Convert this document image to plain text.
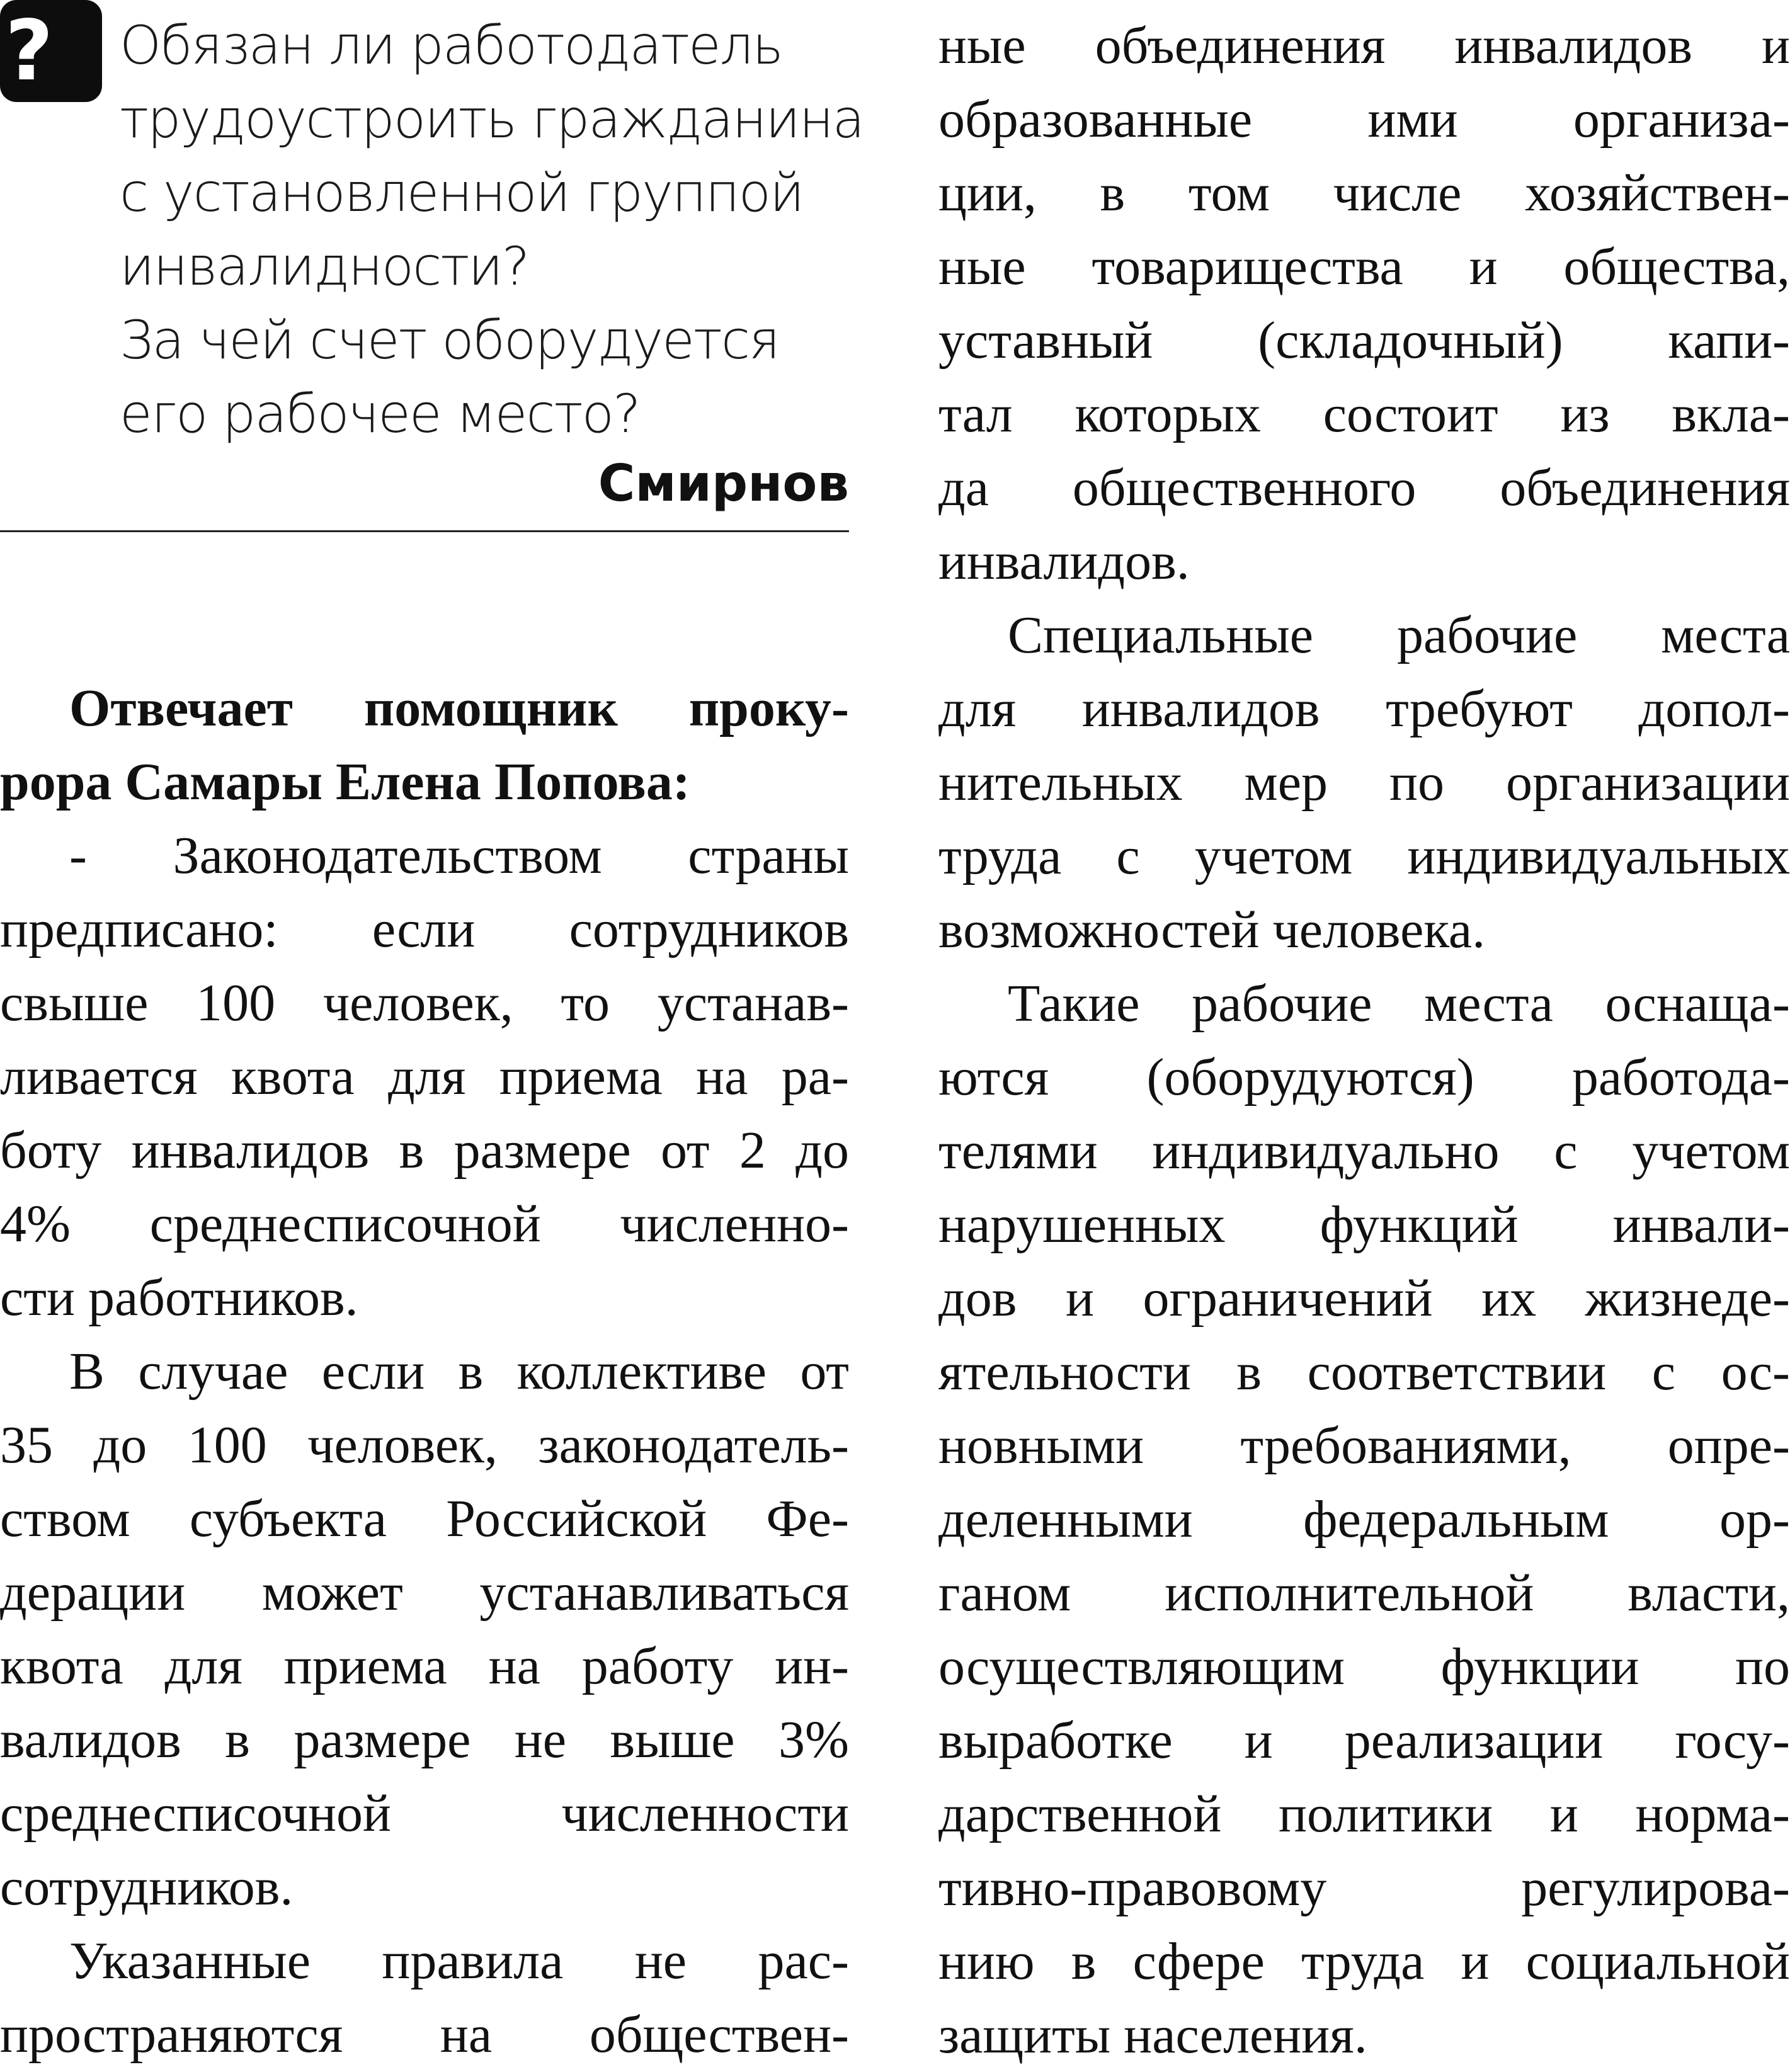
?	Обязан ли работодатель
трудоустроить гражданина
с установленной группой
инвалидности?
За чей счет оборудуется
его рабочее место?
Смирнов

Отвечает помощник проку-
рора Самары Елена Попова:

- Законодательством страны
предписано: если сотрудников
свыше 100 человек, то устанав-
ливается квота для приема на ра-
боту инвалидов в размере от 2 до
4% среднесписочной численно-
сти работников.

В случае если в коллективе от
35 до 100 человек, законодатель-
ством субъекта Российской Фе-
дерации может устанавливаться
квота для приема на работу ин-
валидов в размере не выше 3%
среднесписочной численности
сотрудников.

Указанные правила не рас-
пространяются на обществен-

ные объединения инвалидов и
образованные ими организа-
ции, в том числе хозяйствен-
ные товарищества и общества,
уставный (складочный) капи-
тал которых состоит из вкла-
да общественного объединения
инвалидов.

Специальные рабочие места
для инвалидов требуют допол-
нительных мер по организации
труда с учетом индивидуальных
возможностей человека.

Такие рабочие места оснаща-
ются (оборудуются) работода-
телями индивидуально с учетом
нарушенных функций инвали-
дов и ограничений их жизнеде-
ятельности в соответствии с ос-
новными требованиями, опре-
деленными федеральным ор-
ганом исполнительной власти,
осуществляющим функции по
выработке и реализации госу-
дарственной политики и норма-
тивно-правовому регулирова-
нию в сфере труда и социальной
защиты населения.
